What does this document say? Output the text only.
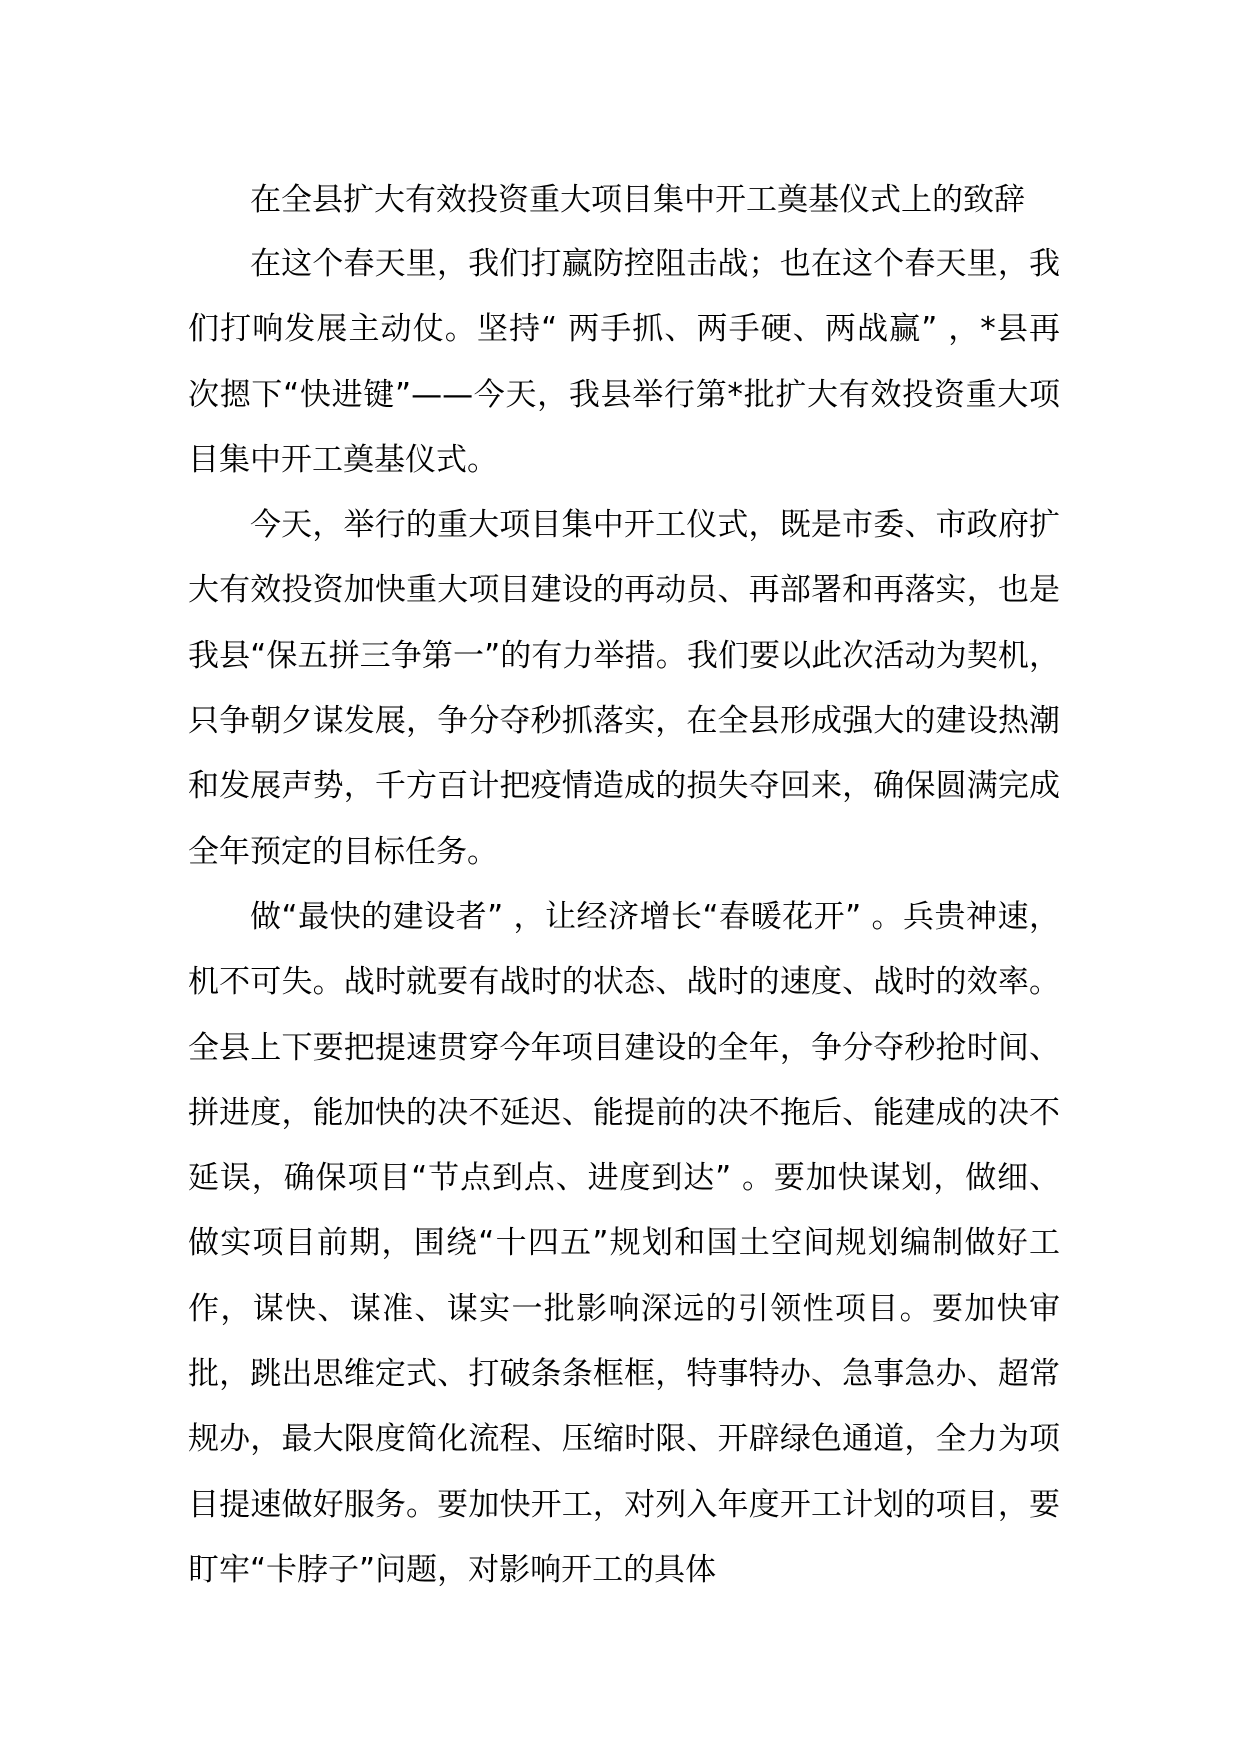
在全县扩大有效投资重大项目集中开工奠基仪式上的致辞

在这个春天里，我们打赢防控阻击战；也在这个春天里，我们打响发展主动仗。坚持“ 两手抓、两手硬、两战赢” ，*县再次摁下“快进键”——今天，我县举行第*批扩大有效投资重大项目集中开工奠基仪式。

今天，举行的重大项目集中开工仪式，既是市委、市政府扩大有效投资加快重大项目建设的再动员、再部署和再落实，也是我县“保五拼三争第一”的有力举措。我们要以此次活动为契机，只争朝夕谋发展，争分夺秒抓落实，在全县形成强大的建设热潮和发展声势，千方百计把疫情造成的损失夺回来，确保圆满完成全年预定的目标任务。

做“最快的建设者” ，让经济增长“春暖花开” 。兵贵神速，机不可失。战时就要有战时的状态、战时的速度、战时的效率。全县上下要把提速贯穿今年项目建设的全年，争分夺秒抢时间、拼进度，能加快的决不延迟、能提前的决不拖后、能建成的决不延误，确保项目“节点到点、进度到达” 。要加快谋划，做细、做实项目前期，围绕“十四五”规划和国土空间规划编制做好工作，谋快、谋准、谋实一批影响深远的引领性项目。要加快审批，跳出思维定式、打破条条框框，特事特办、急事急办、超常规办，最大限度简化流程、压缩时限、开辟绿色通道，全力为项目提速做好服务。要加快开工，对列入年度开工计划的项目，要盯牢“卡脖子”问题，对影响开工的具体
